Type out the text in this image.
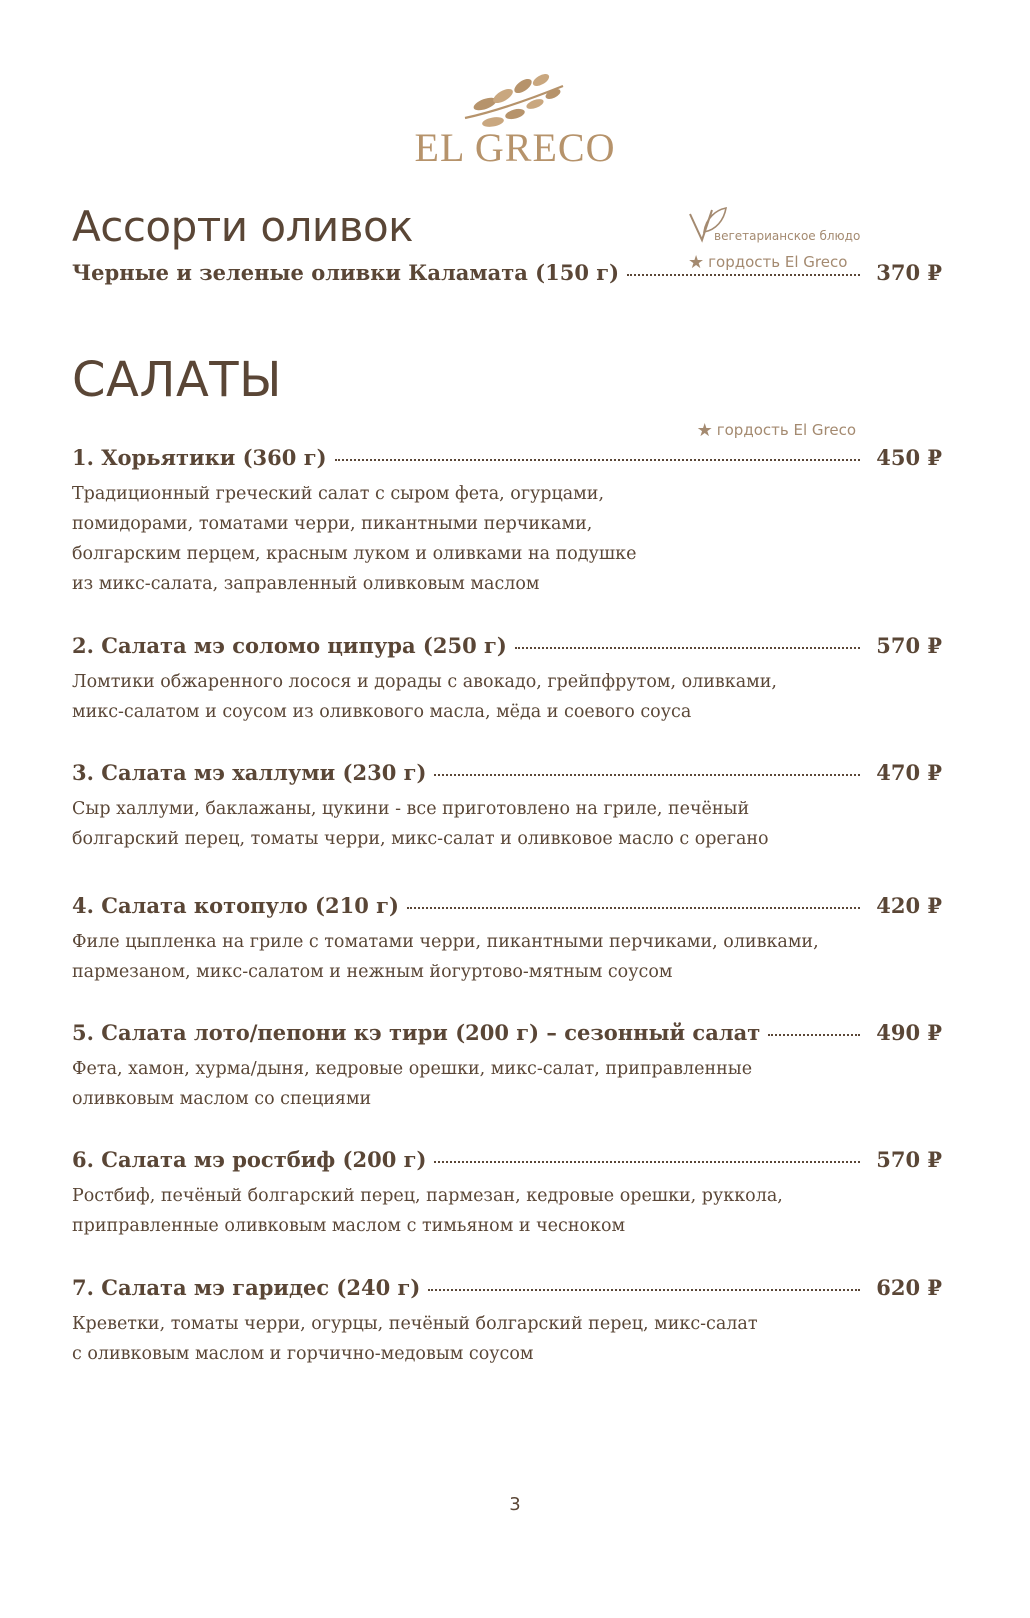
EL GRECO
Ассорти оливок	вегетарианское блюдо
★ гордость El Greco
Черные и зеленые оливки Каламата (150 г)	370 ₽
САЛАТЫ
★ гордость El Greco
1. Хорьятики (360 г)	450 ₽
Традиционный греческий салат с сыром фета, огурцами,
помидорами, томатами черри, пикантными перчиками,
болгарским перцем, красным луком и оливками на подушке
из микс-салата, заправленный оливковым маслом
2. Салата мэ соломо ципура (250 г)	570 ₽
Ломтики обжаренного лосося и дорады с авокадо, грейпфрутом, оливками,
микс-салатом и соусом из оливкового масла, мёда и соевого соуса
3. Салата мэ халлуми (230 г)	470 ₽
Сыр халлуми, баклажаны, цукини - все приготовлено на гриле, печёный
болгарский перец, томаты черри, микс-салат и оливковое масло с орегано
4. Салата котопуло (210 г)	420 ₽
Филе цыпленка на гриле с томатами черри, пикантными перчиками, оливками,
пармезаном, микс-салатом и нежным йогуртово-мятным соусом
5. Салата лото/пепони кэ тири (200 г) – сезонный салат	490 ₽
Фета, хамон, хурма/дыня, кедровые орешки, микс-салат, приправленные
оливковым маслом со специями
6. Салата мэ ростбиф (200 г)	570 ₽
Ростбиф, печёный болгарский перец, пармезан, кедровые орешки, руккола,
приправленные оливковым маслом с тимьяном и чесноком
7. Салата мэ гаридес (240 г)	620 ₽
Креветки, томаты черри, огурцы, печёный болгарский перец, микс-салат
с оливковым маслом и горчично-медовым соусом
3
